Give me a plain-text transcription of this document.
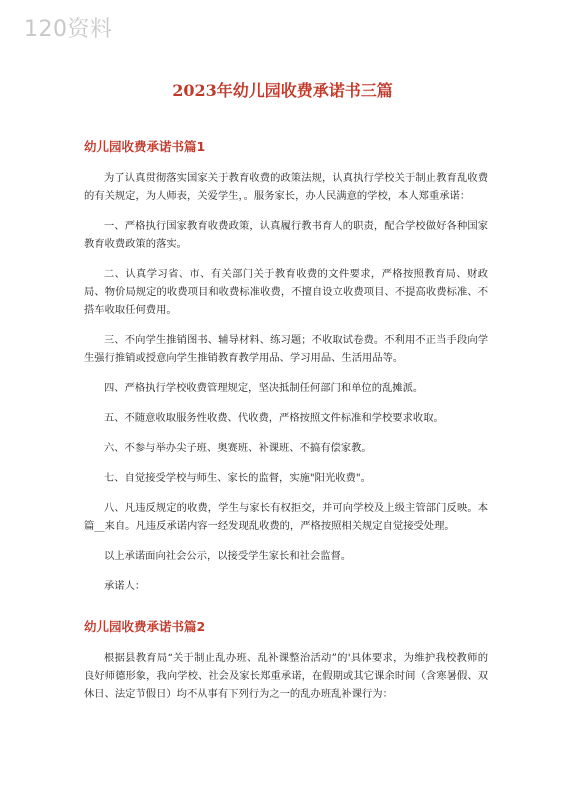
120资料
2023年幼儿园收费承诺书三篇
幼儿园收费承诺书篇1

为了认真贯彻落实国家关于教育收费的政策法规，认真执行学校关于制止教育乱收费的有关规定，为人师表，关爱学生，。服务家长，办人民满意的学校，本人郑重承诺：

一、严格执行国家教育收费政策，认真履行教书育人的职责，配合学校做好各种国家教育收费政策的落实。

二、认真学习省、市、有关部门关于教育收费的文件要求，严格按照教育局、财政局、物价局规定的收费项目和收费标准收费，不擅自设立收费项目、不提高收费标准、不搭车收取任何费用。

三、不向学生推销图书、辅导材料、练习题；不收取试卷费。不利用不正当手段向学生强行推销或授意向学生推销教育教学用品、学习用品、生活用品等。

四、严格执行学校收费管理规定，坚决抵制任何部门和单位的乱摊派。

五、不随意收取服务性收费、代收费，严格按照文件标准和学校要求收取。

六、不参与举办尖子班、奥赛班、补课班、不搞有偿家教。

七、自觉接受学校与师生、家长的监督，实施"阳光收费"。

八、凡违反规定的收费，学生与家长有权拒交，并可向学校及上级主管部门反映。本篇__来自。凡违反承诺内容一经发现乱收费的，严格按照相关规定自觉接受处理。

以上承诺面向社会公示，以接受学生家长和社会监督。

承诺人：

幼儿园收费承诺书篇2

根据县教育局“关于制止乱办班、乱补课整治活动”的'具体要求，为维护我校教师的良好师德形象，我向学校、社会及家长郑重承诺，在假期或其它课余时间（含寒暑假、双休日、法定节假日）均不从事有下列行为之一的乱办班乱补课行为：
